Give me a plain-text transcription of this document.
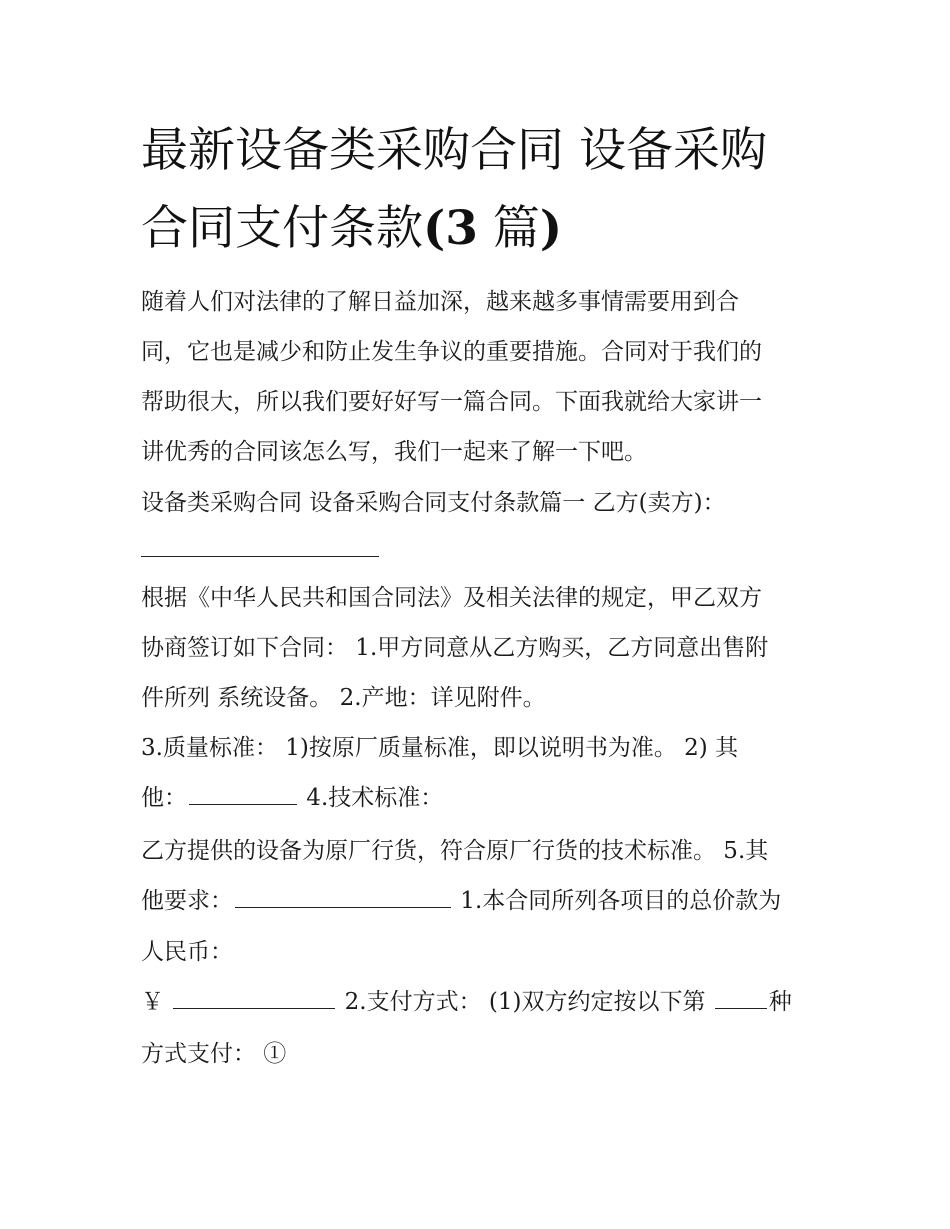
最新设备类采购合同 设备采购
合同支付条款(3 篇)
随着人们对法律的了解日益加深，越来越多事情需要用到合
同，它也是减少和防止发生争议的重要措施。合同对于我们的
帮助很大，所以我们要好好写一篇合同。下面我就给大家讲一
讲优秀的合同该怎么写，我们一起来了解一下吧。
设备类采购合同 设备采购合同支付条款篇一 乙方(卖方)：
根据《中华人民共和国合同法》及相关法律的规定，甲乙双方
协商签订如下合同： 1.甲方同意从乙方购买，乙方同意出售附
件所列 系统设备。 2.产地：详见附件。
3.质量标准： 1)按原厂质量标准，即以说明书为准。 2) 其
他：	4.技术标准：
乙方提供的设备为原厂行货，符合原厂行货的技术标准。 5.其
他要求：	1.本合同所列各项目的总价款为
人民币：
￥	2.支付方式： (1)双方约定按以下第 种
方式支付： ①
